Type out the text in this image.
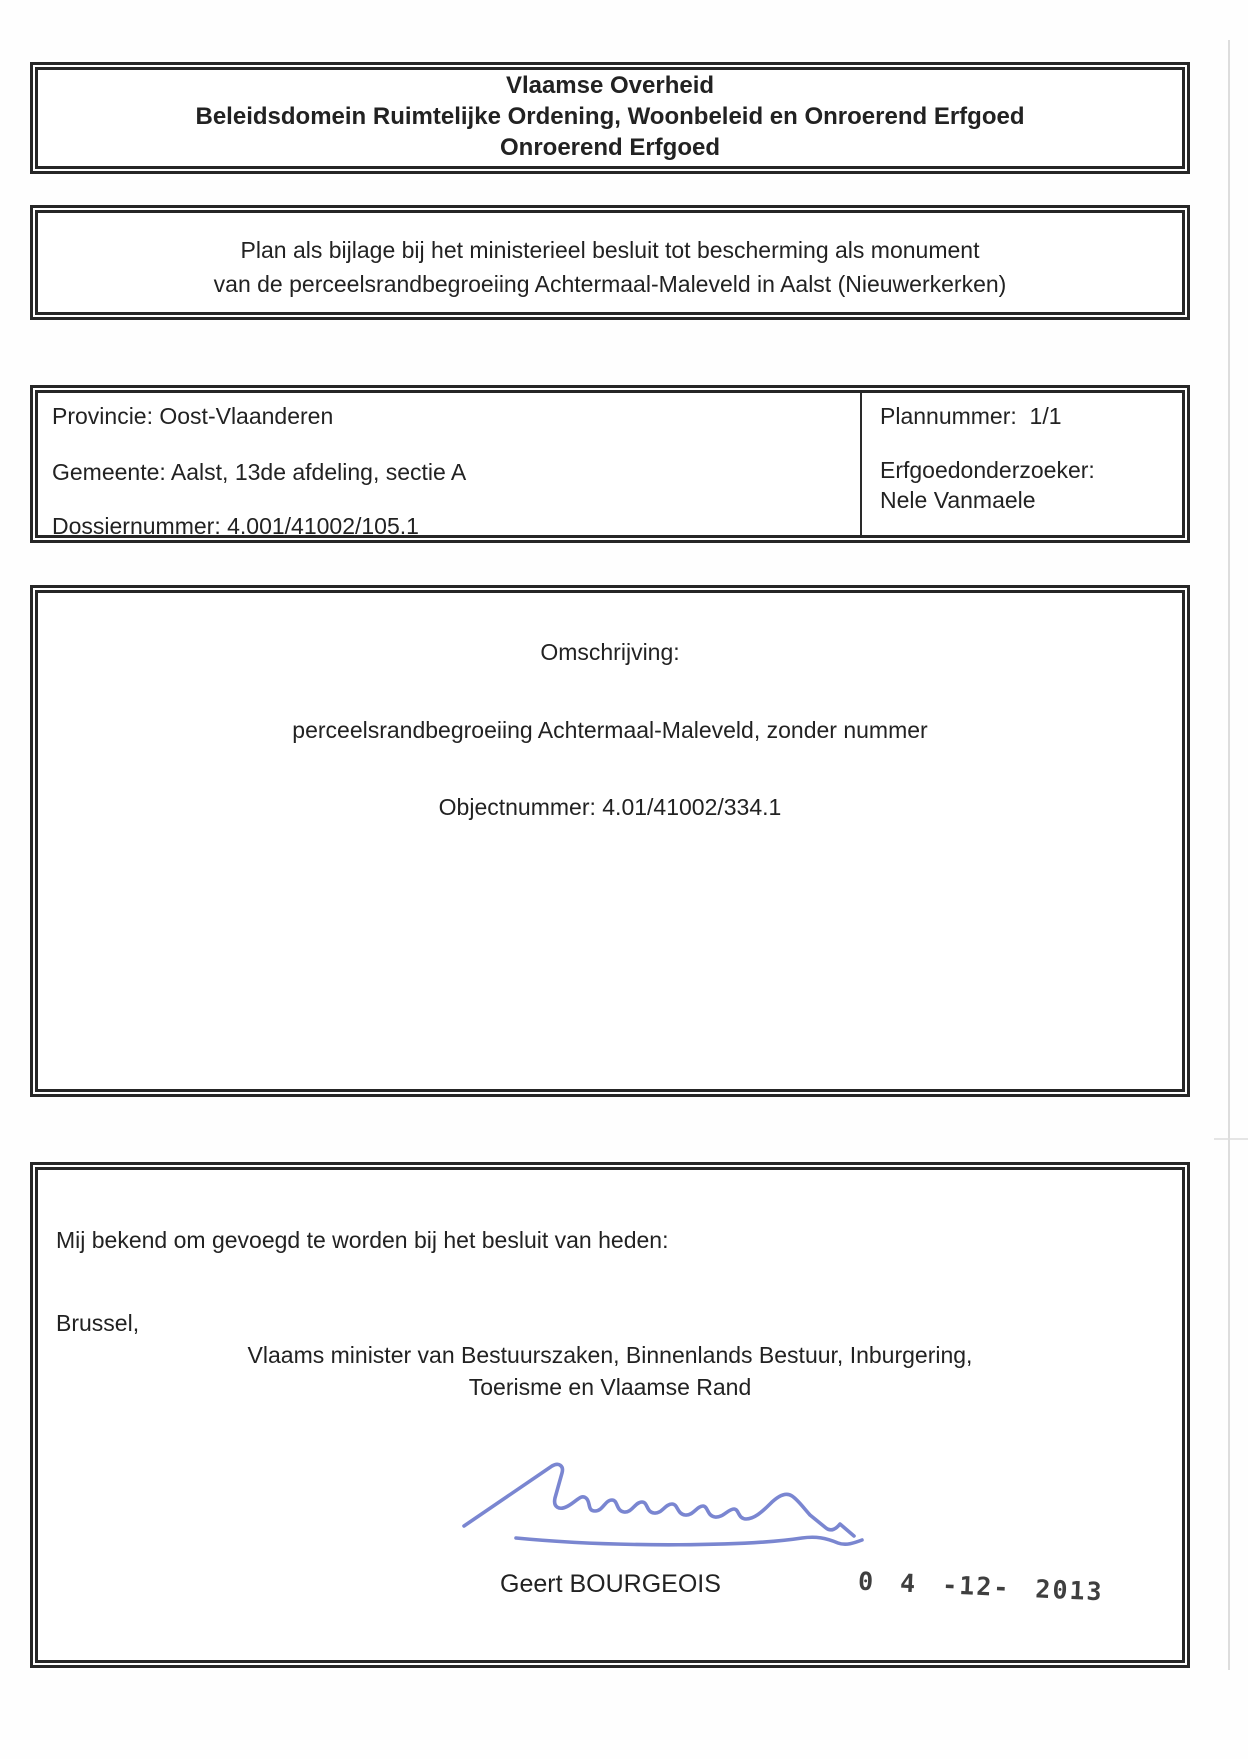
Vlaamse Overheid
Beleidsdomein Ruimtelijke Ordening, Woonbeleid en Onroerend Erfgoed
Onroerend Erfgoed
Plan als bijlage bij het ministerieel besluit tot bescherming als monument
van de perceelsrandbegroeiing Achtermaal-Maleveld in Aalst (Nieuwerkerken)
Provincie: Oost-Vlaanderen
Gemeente: Aalst, 13de afdeling, sectie A
Dossiernummer: 4.001/41002/105.1
Plannummer:  1/1
Erfgoedonderzoeker:
Nele Vanmaele
Omschrijving:
perceelsrandbegroeiing Achtermaal-Maleveld, zonder nummer
Objectnummer: 4.01/41002/334.1
Mij bekend om gevoegd te worden bij het besluit van heden:
Brussel,
Vlaams minister van Bestuurszaken, Binnenlands Bestuur, Inburgering,
Toerisme en Vlaamse Rand
Geert BOURGEOIS	0 4 -12- 2013
